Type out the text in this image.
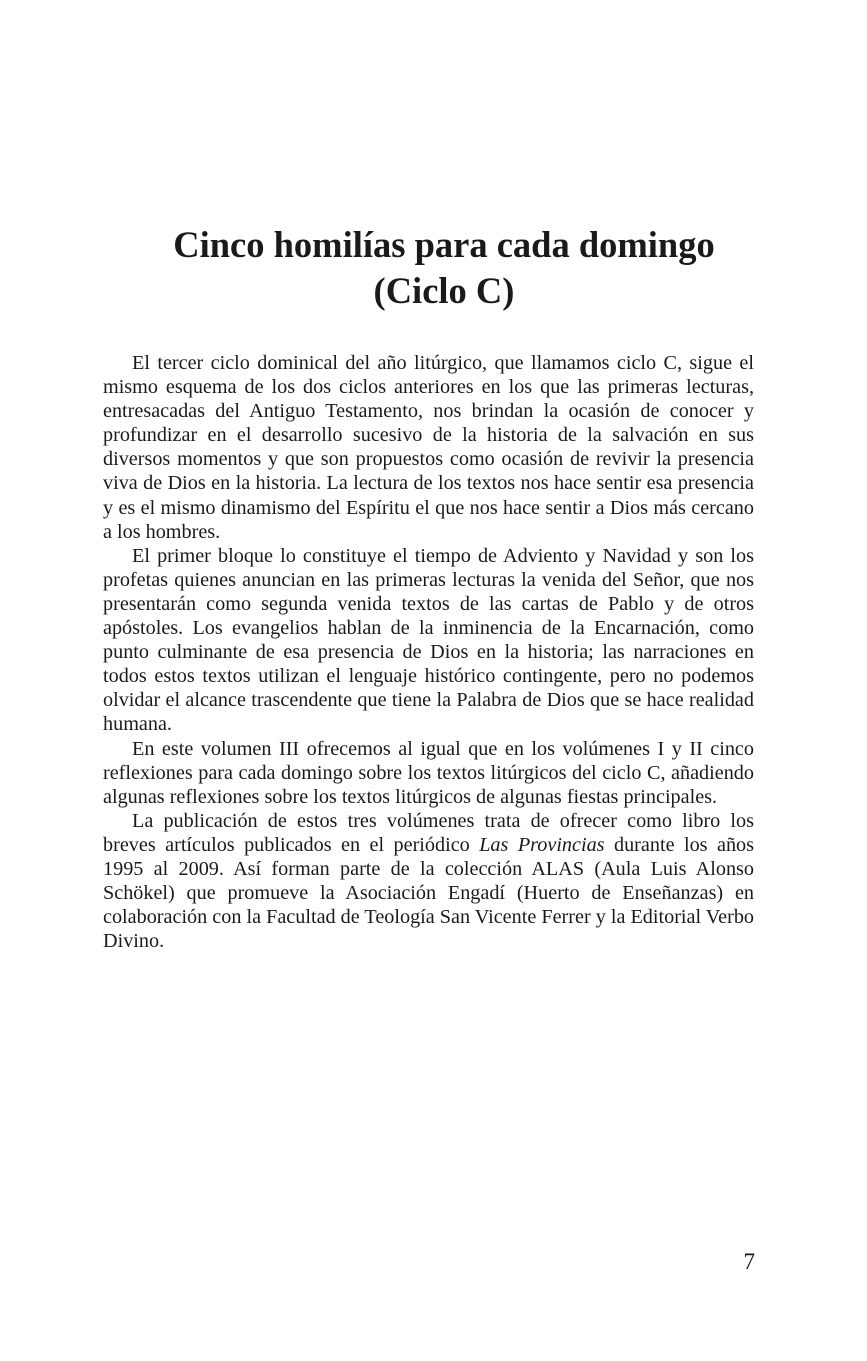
Cinco homilías para cada domingo
(Ciclo C)

El tercer ciclo dominical del año litúrgico, que llamamos ciclo C, sigue el mismo esquema de los dos ciclos anteriores en los que las primeras lecturas, entresacadas del Antiguo Testamento, nos brindan la ocasión de conocer y profundizar en el desarrollo sucesivo de la historia de la salvación en sus diversos momentos y que son propuestos como ocasión de revivir la presencia viva de Dios en la historia. La lectura de los textos nos hace sentir esa presencia y es el mismo dinamismo del Espíritu el que nos hace sentir a Dios más cercano a los hombres.

El primer bloque lo constituye el tiempo de Adviento y Navidad y son los profetas quienes anuncian en las primeras lecturas la venida del Señor, que nos presentarán como segunda venida textos de las cartas de Pablo y de otros apóstoles. Los evangelios hablan de la inminencia de la Encarnación, como punto culminante de esa presencia de Dios en la historia; las narraciones en todos estos textos utilizan el lenguaje histórico contingente, pero no podemos olvidar el alcance trascendente que tiene la Palabra de Dios que se hace realidad humana.

En este volumen III ofrecemos al igual que en los volúmenes I y II cinco reflexiones para cada domingo sobre los textos litúrgicos del ciclo C, añadiendo algunas reflexiones sobre los textos litúrgicos de algunas fiestas principales.

La publicación de estos tres volúmenes trata de ofrecer como libro los breves artículos publicados en el periódico Las Provincias durante los años 1995 al 2009. Así forman parte de la colección ALAS (Aula Luis Alonso Schökel) que promueve la Asociación Engadí (Huerto de Enseñanzas) en colaboración con la Facultad de Teología San Vicente Ferrer y la Editorial Verbo Divino.

7
